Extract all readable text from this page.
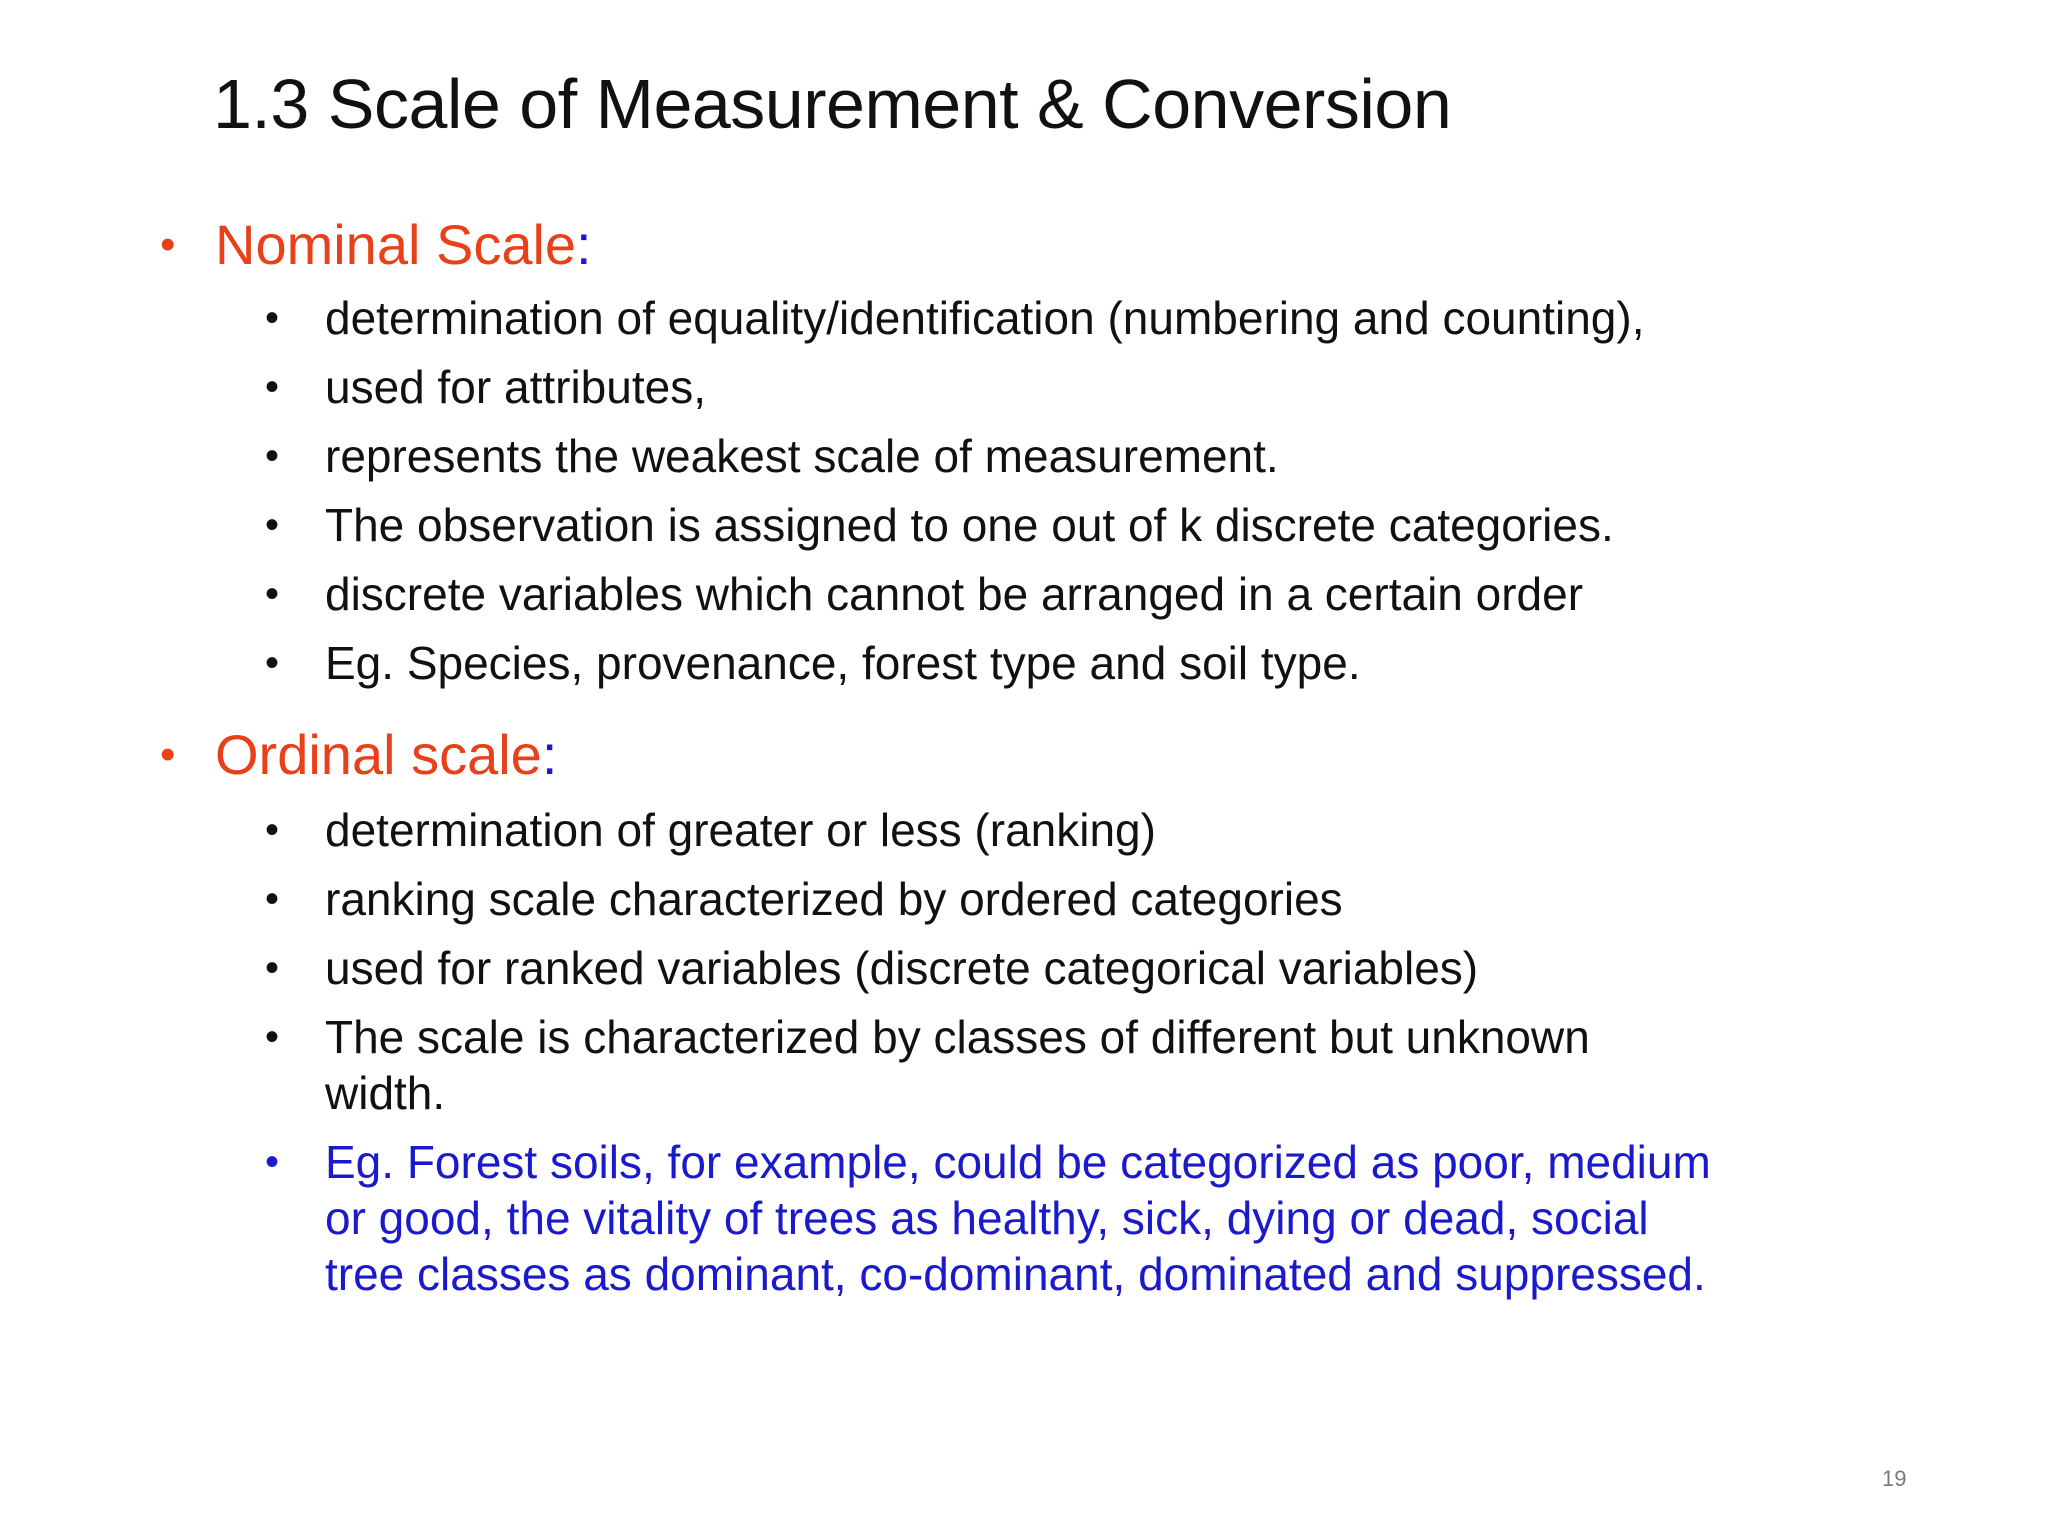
1.3 Scale of Measurement & Conversion
• Nominal Scale:
• determination of equality/identification (numbering and counting),
• used for attributes,
• represents the weakest scale of measurement.
• The observation is assigned to one out of k discrete categories.
• discrete variables which cannot be arranged in a certain order
• Eg. Species, provenance, forest type and soil type.
• Ordinal scale:
• determination of greater or less (ranking)
• ranking scale characterized by ordered categories
• used for ranked variables (discrete categorical variables)
• The scale is characterized by classes of different but unknown
width.
• Eg. Forest soils, for example, could be categorized as poor, medium
or good, the vitality of trees as healthy, sick, dying or dead, social
tree classes as dominant, co-dominant, dominated and suppressed.
19
